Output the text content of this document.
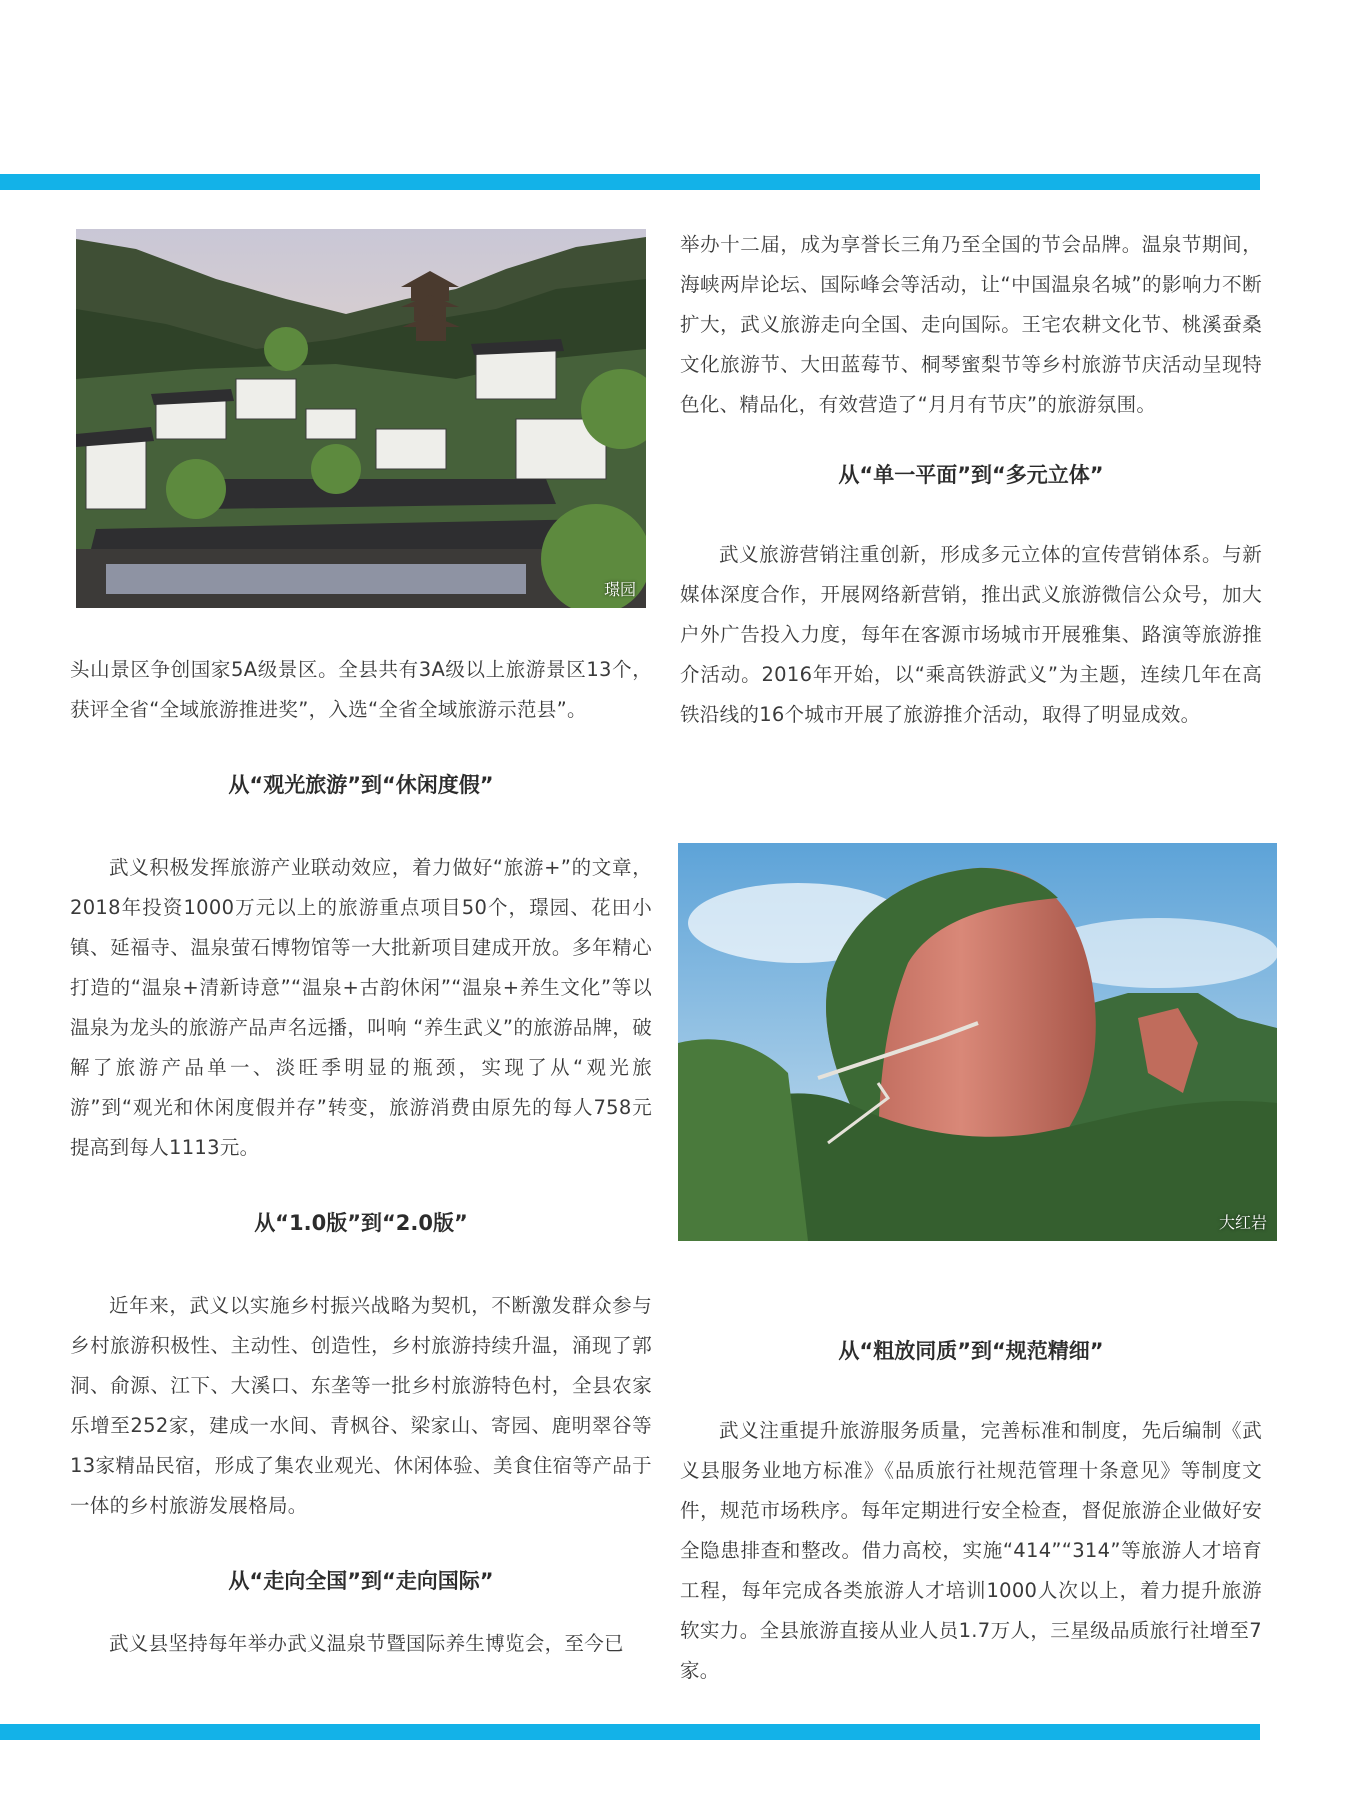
璟园

头山景区争创国家5A级景区。全县共有3A级以上旅游景区13个，获评全省“全域旅游推进奖”，入选“全省全域旅游示范县”。

从“观光旅游”到“休闲度假”

武义积极发挥旅游产业联动效应，着力做好“旅游+”的文章，2018年投资1000万元以上的旅游重点项目50个，璟园、花田小镇、延福寺、温泉萤石博物馆等一大批新项目建成开放。多年精心打造的“温泉+清新诗意”“温泉+古韵休闲”“温泉+养生文化”等以温泉为龙头的旅游产品声名远播，叫响 “养生武义”的旅游品牌，破解了旅游产品单一、淡旺季明显的瓶颈，实现了从“观光旅游”到“观光和休闲度假并存”转变，旅游消费由原先的每人758元提高到每人1113元。

从“1.0版”到“2.0版”

近年来，武义以实施乡村振兴战略为契机，不断激发群众参与乡村旅游积极性、主动性、创造性，乡村旅游持续升温，涌现了郭洞、俞源、江下、大溪口、东垄等一批乡村旅游特色村，全县农家乐增至252家，建成一水间、青枫谷、梁家山、寄园、鹿明翠谷等13家精品民宿，形成了集农业观光、休闲体验、美食住宿等产品于一体的乡村旅游发展格局。

从“走向全国”到“走向国际”

武义县坚持每年举办武义温泉节暨国际养生博览会，至今已

举办十二届，成为享誉长三角乃至全国的节会品牌。温泉节期间，海峡两岸论坛、国际峰会等活动，让“中国温泉名城”的影响力不断扩大，武义旅游走向全国、走向国际。王宅农耕文化节、桃溪蚕桑文化旅游节、大田蓝莓节、桐琴蜜梨节等乡村旅游节庆活动呈现特色化、精品化，有效营造了“月月有节庆”的旅游氛围。

从“单一平面”到“多元立体”

武义旅游营销注重创新，形成多元立体的宣传营销体系。与新媒体深度合作，开展网络新营销，推出武义旅游微信公众号，加大户外广告投入力度，每年在客源市场城市开展雅集、路演等旅游推介活动。2016年开始，以“乘高铁游武义”为主题，连续几年在高铁沿线的16个城市开展了旅游推介活动，取得了明显成效。

大红岩
从“粗放同质”到“规范精细”

武义注重提升旅游服务质量，完善标准和制度，先后编制《武义县服务业地方标准》《品质旅行社规范管理十条意见》等制度文件，规范市场秩序。每年定期进行安全检查，督促旅游企业做好安全隐患排查和整改。借力高校，实施“414”“314”等旅游人才培育工程，每年完成各类旅游人才培训1000人次以上，着力提升旅游软实力。全县旅游直接从业人员1.7万人，三星级品质旅行社增至7家。
